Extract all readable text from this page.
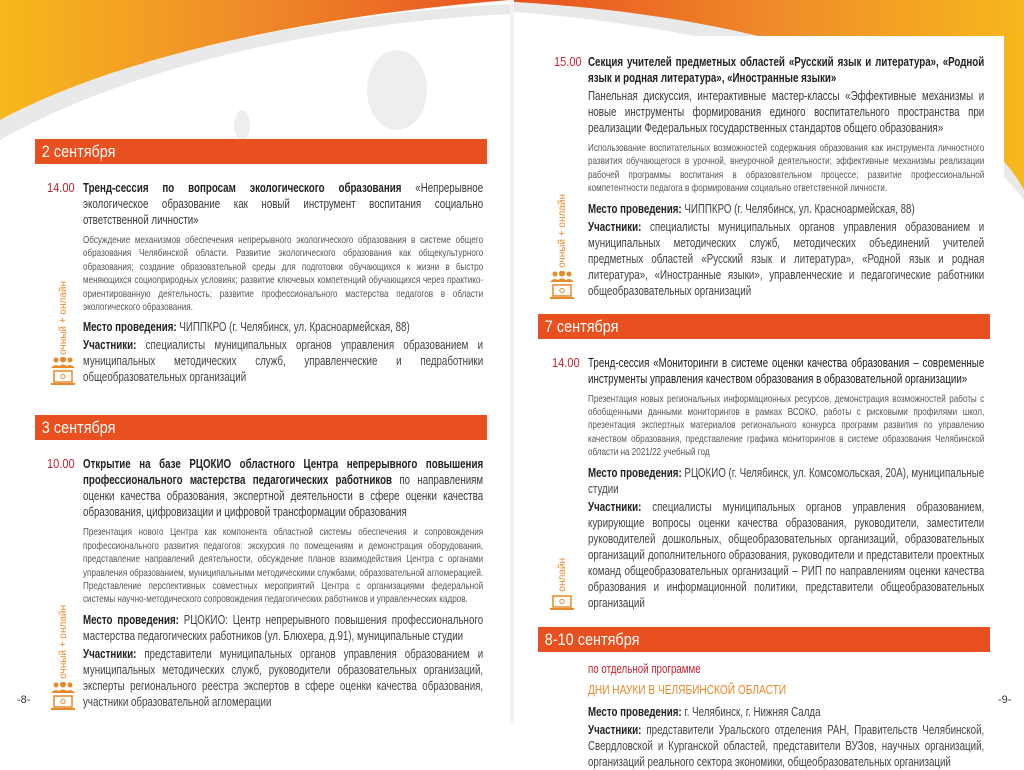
2 сентября
14.00 Тренд-сессия по вопросам экологического образования «Непрерывное экологическое образование как новый инструмент воспитания социально ответственной личности»
Обсуждение механизмов обеспечения непрерывного экологического образования в системе общего образования Челябинской области. Развитие экологического образования как общекультурного образования; создание образовательной среды для подготовки обучающихся к жизни в быстро меняющихся социоприродных условиях; развитие ключевых компетенций обучающихся через практико-ориентированную деятельность; развитие профессионального мастерства педагогов в области экологического образования.
Место проведения: ЧИППКРО (г. Челябинск, ул. Красноармейская, 88)
Участники: специалисты муниципальных органов управления образованием и муниципальных методических служб, управленческие и педработники общеобразовательных организаций
очный + онлайн
3 сентября
10.00 Открытие на базе РЦОКИО областного Центра непрерывного повышения профессионального мастерства педагогических работников по направлениям оценки качества образования, экспертной деятельности в сфере оценки качества образования, цифровизации и цифровой трансформации образования
Презентация нового Центра как компонента областной системы обеспечения и сопровождения профессионального развития педагогов: экскурсия по помещениям и демонстрация оборудования, представление направлений деятельности, обсуждение планов взаимодействия Центра с органами управления образованием, муниципальными методическими службами, образовательной агломерацией. Представление перспективных совместных мероприятий Центра с организациями федеральной системы научно-методического сопровождения педагогических работников и управленческих кадров.
Место проведения: РЦОКИО: Центр непрерывного повышения профессионального мастерства педагогических работников (ул. Блюхера, д.91), муниципальные студии
Участники: представители муниципальных органов управления образованием и муниципальных методических служб, руководители образовательных организаций, эксперты регионального реестра экспертов в сфере оценки качества образования, участники образовательной агломерации
очный + онлайн
-8-
15.00 Секция учителей предметных областей «Русский язык и литература», «Родной язык и родная литература», «Иностранные языки»
Панельная дискуссия, интерактивные мастер-классы «Эффективные механизмы и новые инструменты формирования единого воспитательного пространства при реализации Федеральных государственных стандартов общего образования»
Использование воспитательных возможностей содержания образования как инструмента личностного развития обучающегося в урочной, внеурочной деятельности; эффективные механизмы реализации рабочей программы воспитания в образовательном процессе; развитие профессиональной компетентности педагога в формировании социально ответственной личности.
Место проведения: ЧИППКРО (г. Челябинск, ул. Красноармейская, 88)
Участники: специалисты муниципальных органов управления образованием и муниципальных методических служб, методических объединений учителей предметных областей «Русский язык и литература», «Родной язык и родная литература», «Иностранные языки», управленческие и педагогические работники общеобразовательных организаций
очный + онлайн
7 сентября
14.00 Тренд-сессия «Мониторинги в системе оценки качества образования – современные инструменты управления качеством образования в образовательной организации»
Презентация новых региональных информационных ресурсов, демонстрация возможностей работы с обобщенными данными мониторингов в рамках ВСОКО, работы с рисковыми профилями школ, презентация экспертных материалов регионального конкурса программ развития по управлению качеством образования, представление графика мониторингов в системе образования Челябинской области на 2021/22 учебный год
Место проведения: РЦОКИО (г. Челябинск, ул. Комсомольская, 20А), муниципальные студии
Участники: специалисты муниципальных органов управления образованием, курирующие вопросы оценки качества образования, руководители, заместители руководителей дошкольных, общеобразовательных организаций, образовательных организаций дополнительного образования, руководители и представители проектных команд общеобразовательных организаций – РИП по направлениям оценки качества образования и информационной политики, представители общеобразовательных организаций
онлайн
8-10 сентября
по отдельной программе
ДНИ НАУКИ В ЧЕЛЯБИНСКОЙ ОБЛАСТИ
Место проведения: г. Челябинск, г. Нижняя Салда
Участники: представители Уральского отделения РАН, Правительств Челябинской, Свердловской и Курганской областей, представители ВУЗов, научных организаций, организаций реального сектора экономики, общеобразовательных организаций
-9-
